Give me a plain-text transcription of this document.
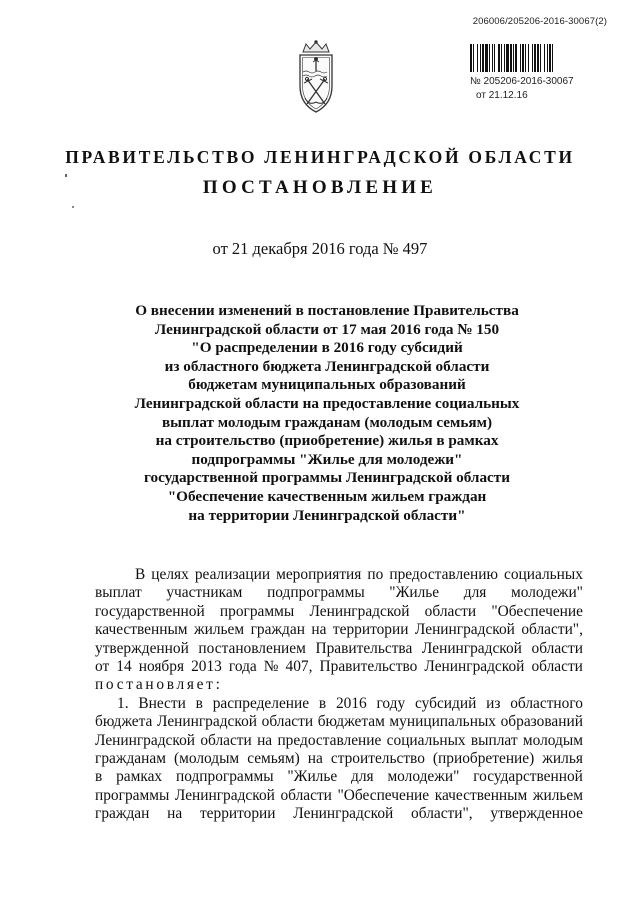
206006/205206-2016-30067(2)
№ 205206-2016-30067
от 21.12.16
ПРАВИТЕЛЬСТВО ЛЕНИНГРАДСКОЙ ОБЛАСТИ
ПОСТАНОВЛЕНИЕ
от 21 декабря 2016 года № 497
О внесении изменений в постановление Правительства
Ленинградской области от 17 мая 2016 года № 150
"О распределении в 2016 году субсидий
из областного бюджета Ленинградской области
бюджетам муниципальных образований
Ленинградской области на предоставление социальных
выплат молодым гражданам (молодым семьям)
на строительство (приобретение) жилья в рамках
подпрограммы "Жилье для молодежи"
государственной программы Ленинградской области
"Обеспечение качественным жильем граждан
на территории Ленинградской области"
В целях реализации мероприятия по предоставлению социальных
выплат участникам подпрограммы "Жилье для молодежи"
государственной программы Ленинградской области "Обеспечение
качественным жильем граждан на территории Ленинградской области",
утвержденной постановлением Правительства Ленинградской области
от 14 ноября 2013 года № 407, Правительство Ленинградской области
постановляет:
1. Внести в распределение в 2016 году субсидий из областного
бюджета Ленинградской области бюджетам муниципальных образований
Ленинградской области на предоставление социальных выплат молодым
гражданам (молодым семьям) на строительство (приобретение) жилья
в рамках подпрограммы "Жилье для молодежи" государственной
программы Ленинградской области "Обеспечение качественным жильем
граждан на территории Ленинградской области", утвержденное
